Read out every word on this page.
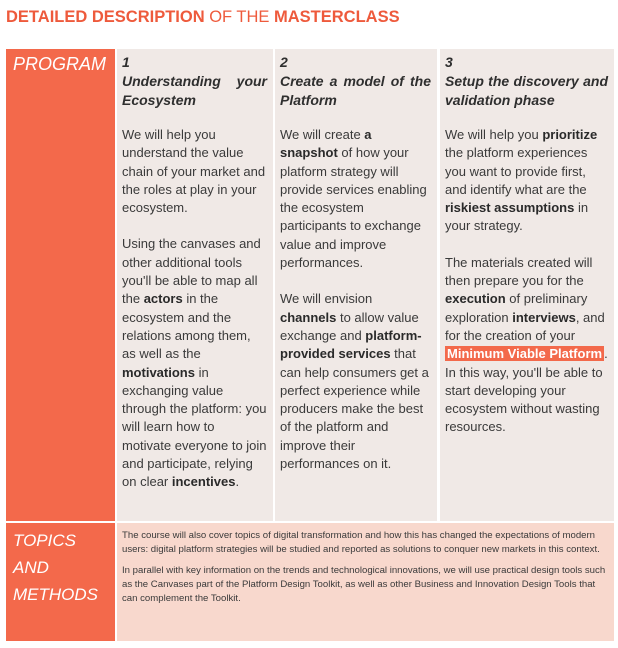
DETAILED DESCRIPTION OF THE MASTERCLASS
PROGRAM 1
Understanding your Ecosystem

We will help you understand the value chain of your market and the roles at play in your ecosystem.

Using the canvases and other additional tools you'll be able to map all the actors in the ecosystem and the relations among them, as well as the motivations in exchanging value through the platform: you will learn how to motivate everyone to join and participate, relying on clear incentives.

2
Create a model of the Platform

We will create a snapshot of how your platform strategy will provide services enabling the ecosystem participants to exchange value and improve performances.

We will envision channels to allow value exchange and platform-provided services that can help consumers get a perfect experience while producers make the best of the platform and improve their performances on it.

3
Setup the discovery and validation phase

We will help you prioritize the platform experiences you want to provide first, and identify what are the riskiest assumptions in your strategy.

The materials created will then prepare you for the execution of preliminary exploration interviews, and for the creation of your Minimum Viable Platform . In this way, you'll be able to start developing your ecosystem without wasting resources.

TOPICS
AND
METHODS

The course will also cover topics of digital transformation and how this has changed the expectations of modern users: digital platform strategies will be studied and reported as solutions to conquer new markets in this context.

In parallel with key information on the trends and technological innovations, we will use practical design tools such as the Canvases part of the Platform Design Toolkit, as well as other Business and Innovation Design Tools that can complement the Toolkit.
